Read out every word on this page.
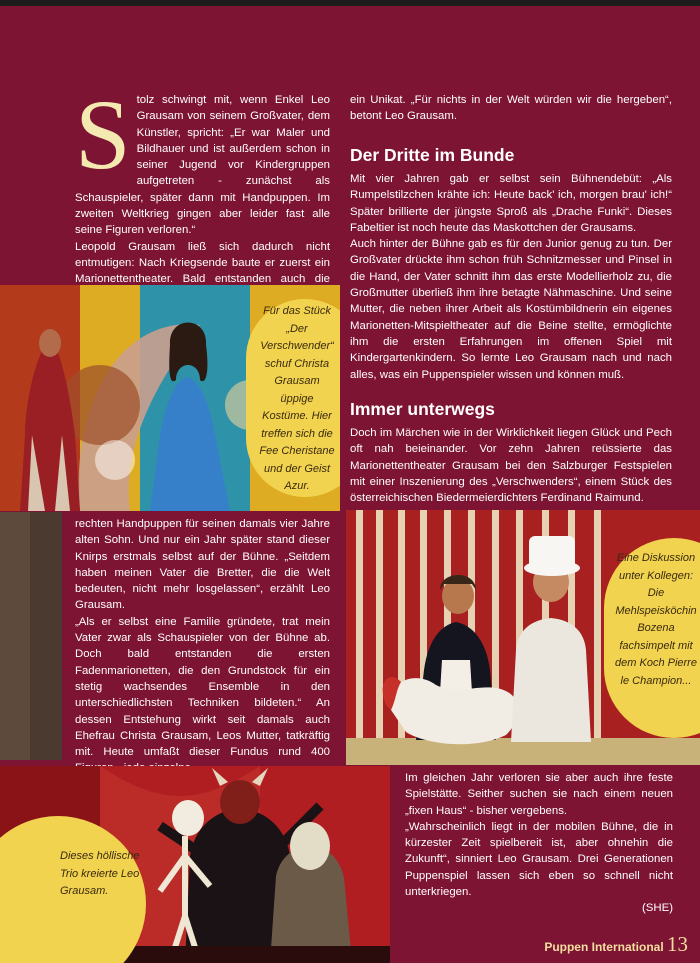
S tolz schwingt mit, wenn Enkel Leo Grausam von seinem Großvater, dem Künstler, spricht: „Er war Maler und Bildhauer und ist außerdem schon in seiner Jugend vor Kindergruppen aufgetreten - zunächst als Schauspieler, später dann mit Handpuppen. Im zweiten Weltkrieg gingen aber leider fast alle seine Figuren verloren.“

Leopold Grausam ließ sich dadurch nicht entmutigen: Nach Kriegsende baute er zuerst ein Marionettentheater. Bald entstanden auch die

Für das Stück „Der Verschwender“ schuf Christa Grausam üppige Kostüme. Hier treffen sich die Fee Cheristane und der Geist Azur.

rechten Handpuppen für seinen damals vier Jahre alten Sohn. Und nur ein Jahr später stand dieser Knirps erstmals selbst auf der Bühne. „Seitdem haben meinen Vater die Bretter, die die Welt bedeuten, nicht mehr losgelassen“, erzählt Leo Grausam.

„Als er selbst eine Familie gründete, trat mein Vater zwar als Schauspieler von der Bühne ab. Doch bald entstanden die ersten Fadenmarionetten, die den Grundstock für ein stetig wachsendes Ensemble in den unterschiedlichsten Techniken bildeten.“ An dessen Entstehung wirkt seit damals auch Ehefrau Christa Grausam, Leos Mutter, tatkräftig mit. Heute umfaßt dieser Fundus rund 400

ein Unikat. „Für nichts in der Welt würden wir die hergeben“, betont Leo Grausam.

Der Dritte im Bunde

Mit vier Jahren gab er selbst sein Bühnendebüt: „Als Rumpelstilzchen krähte ich: Heute back' ich, morgen brau' ich!“ Später brillierte der jüngste Sproß als „Drache Funki“. Dieses Fabeltier ist noch heute das Maskottchen der Grausams.

Auch hinter der Bühne gab es für den Junior genug zu tun. Der Großvater drückte ihm schon früh Schnitzmesser und Pinsel in die Hand, der Vater schnitt ihm das erste Modellierholz zu, die Großmutter überließ ihm ihre betagte Nähmaschine. Und seine Mutter, die neben ihrer Arbeit als Kostümbildnerin ein eigenes Marionetten-Mitspieltheater auf die Beine stellte, ermöglichte ihm die ersten Erfahrungen im offenen Spiel mit Kindergartenkindern. So lernte Leo Grausam nach und nach alles, was ein Puppenspieler wissen und können muß.

Immer unterwegs

Doch im Märchen wie in der Wirklichkeit liegen Glück und Pech oft nah beieinander. Vor zehn Jahren reüssierte das Marionettentheater Grausam bei den Salzburger Festspielen mit einer Inszenierung des „Verschwenders“, einem Stück des österreichischen Biedermeierdichters Ferdinand Raimund.

Eine Diskussion unter Kollegen: Die Mehlspeisköchin Bozena fachsimpelt mit dem Koch Pierre le Champion...
Dieses höllische Trio kreierte Leo Grausam.

Im gleichen Jahr verloren sie aber auch ihre feste Spielstätte. Seither suchen sie nach einem neuen „fixen Haus“ - bisher vergebens.

„Wahrscheinlich liegt in der mobilen Bühne, die in kürzester Zeit spielbereit ist, aber ohnehin die Zukunft“, sinniert Leo Grausam. Drei Generationen Puppenspiel lassen sich eben so schnell nicht unterkriegen.

(SHE)

Puppen International 13
